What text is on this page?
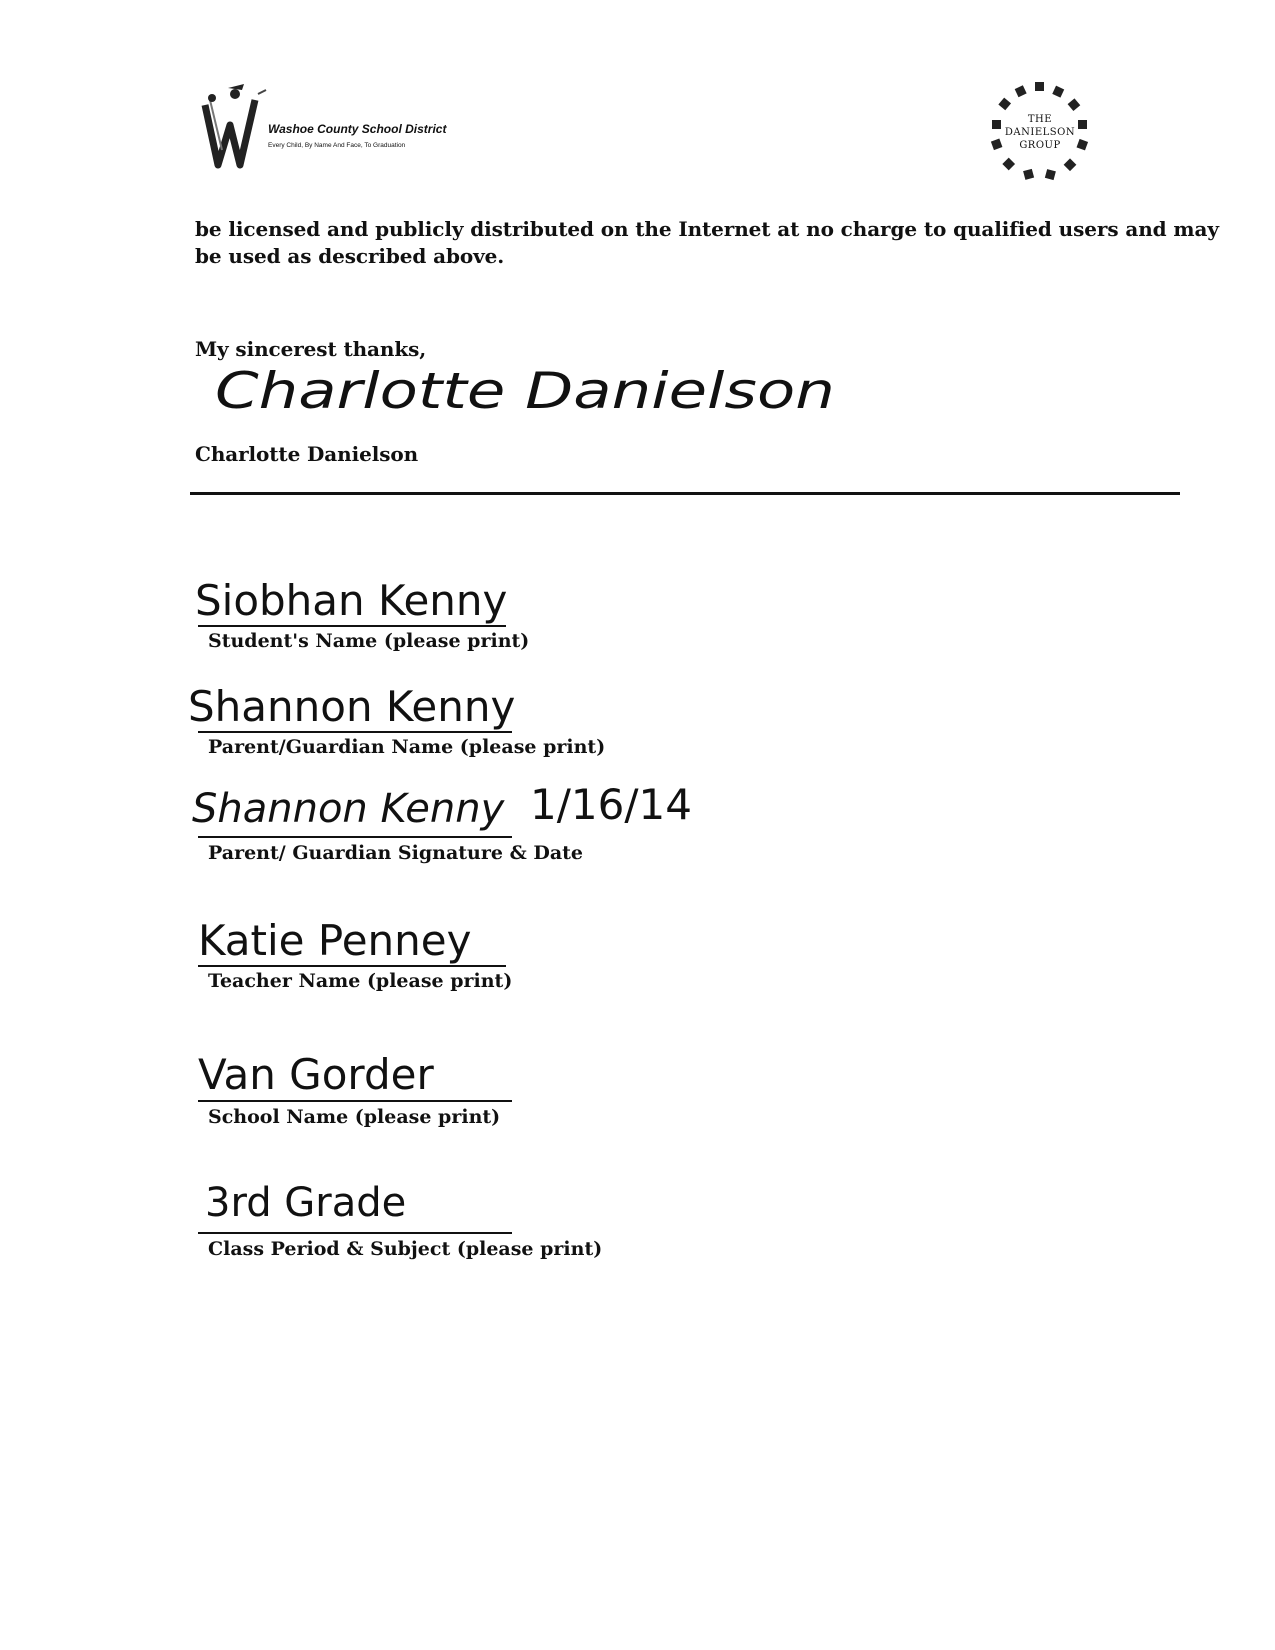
Washoe County School District
Every Child, By Name And Face, To Graduation
THE
DANIELSON
GROUP
be licensed and publicly distributed on the Internet at no charge to qualified users and may
be used as described above.
My sincerest thanks,
Charlotte Danielson
Charlotte Danielson
Siobhan Kenny
Student's Name (please print)
Shannon Kenny
Parent/Guardian Name (please print)
Shannon Kenny 1/16/14
Parent/ Guardian Signature & Date
Katie Penney
Teacher Name (please print)
Van Gorder
School Name (please print)
3rd Grade
Class Period & Subject (please print)
